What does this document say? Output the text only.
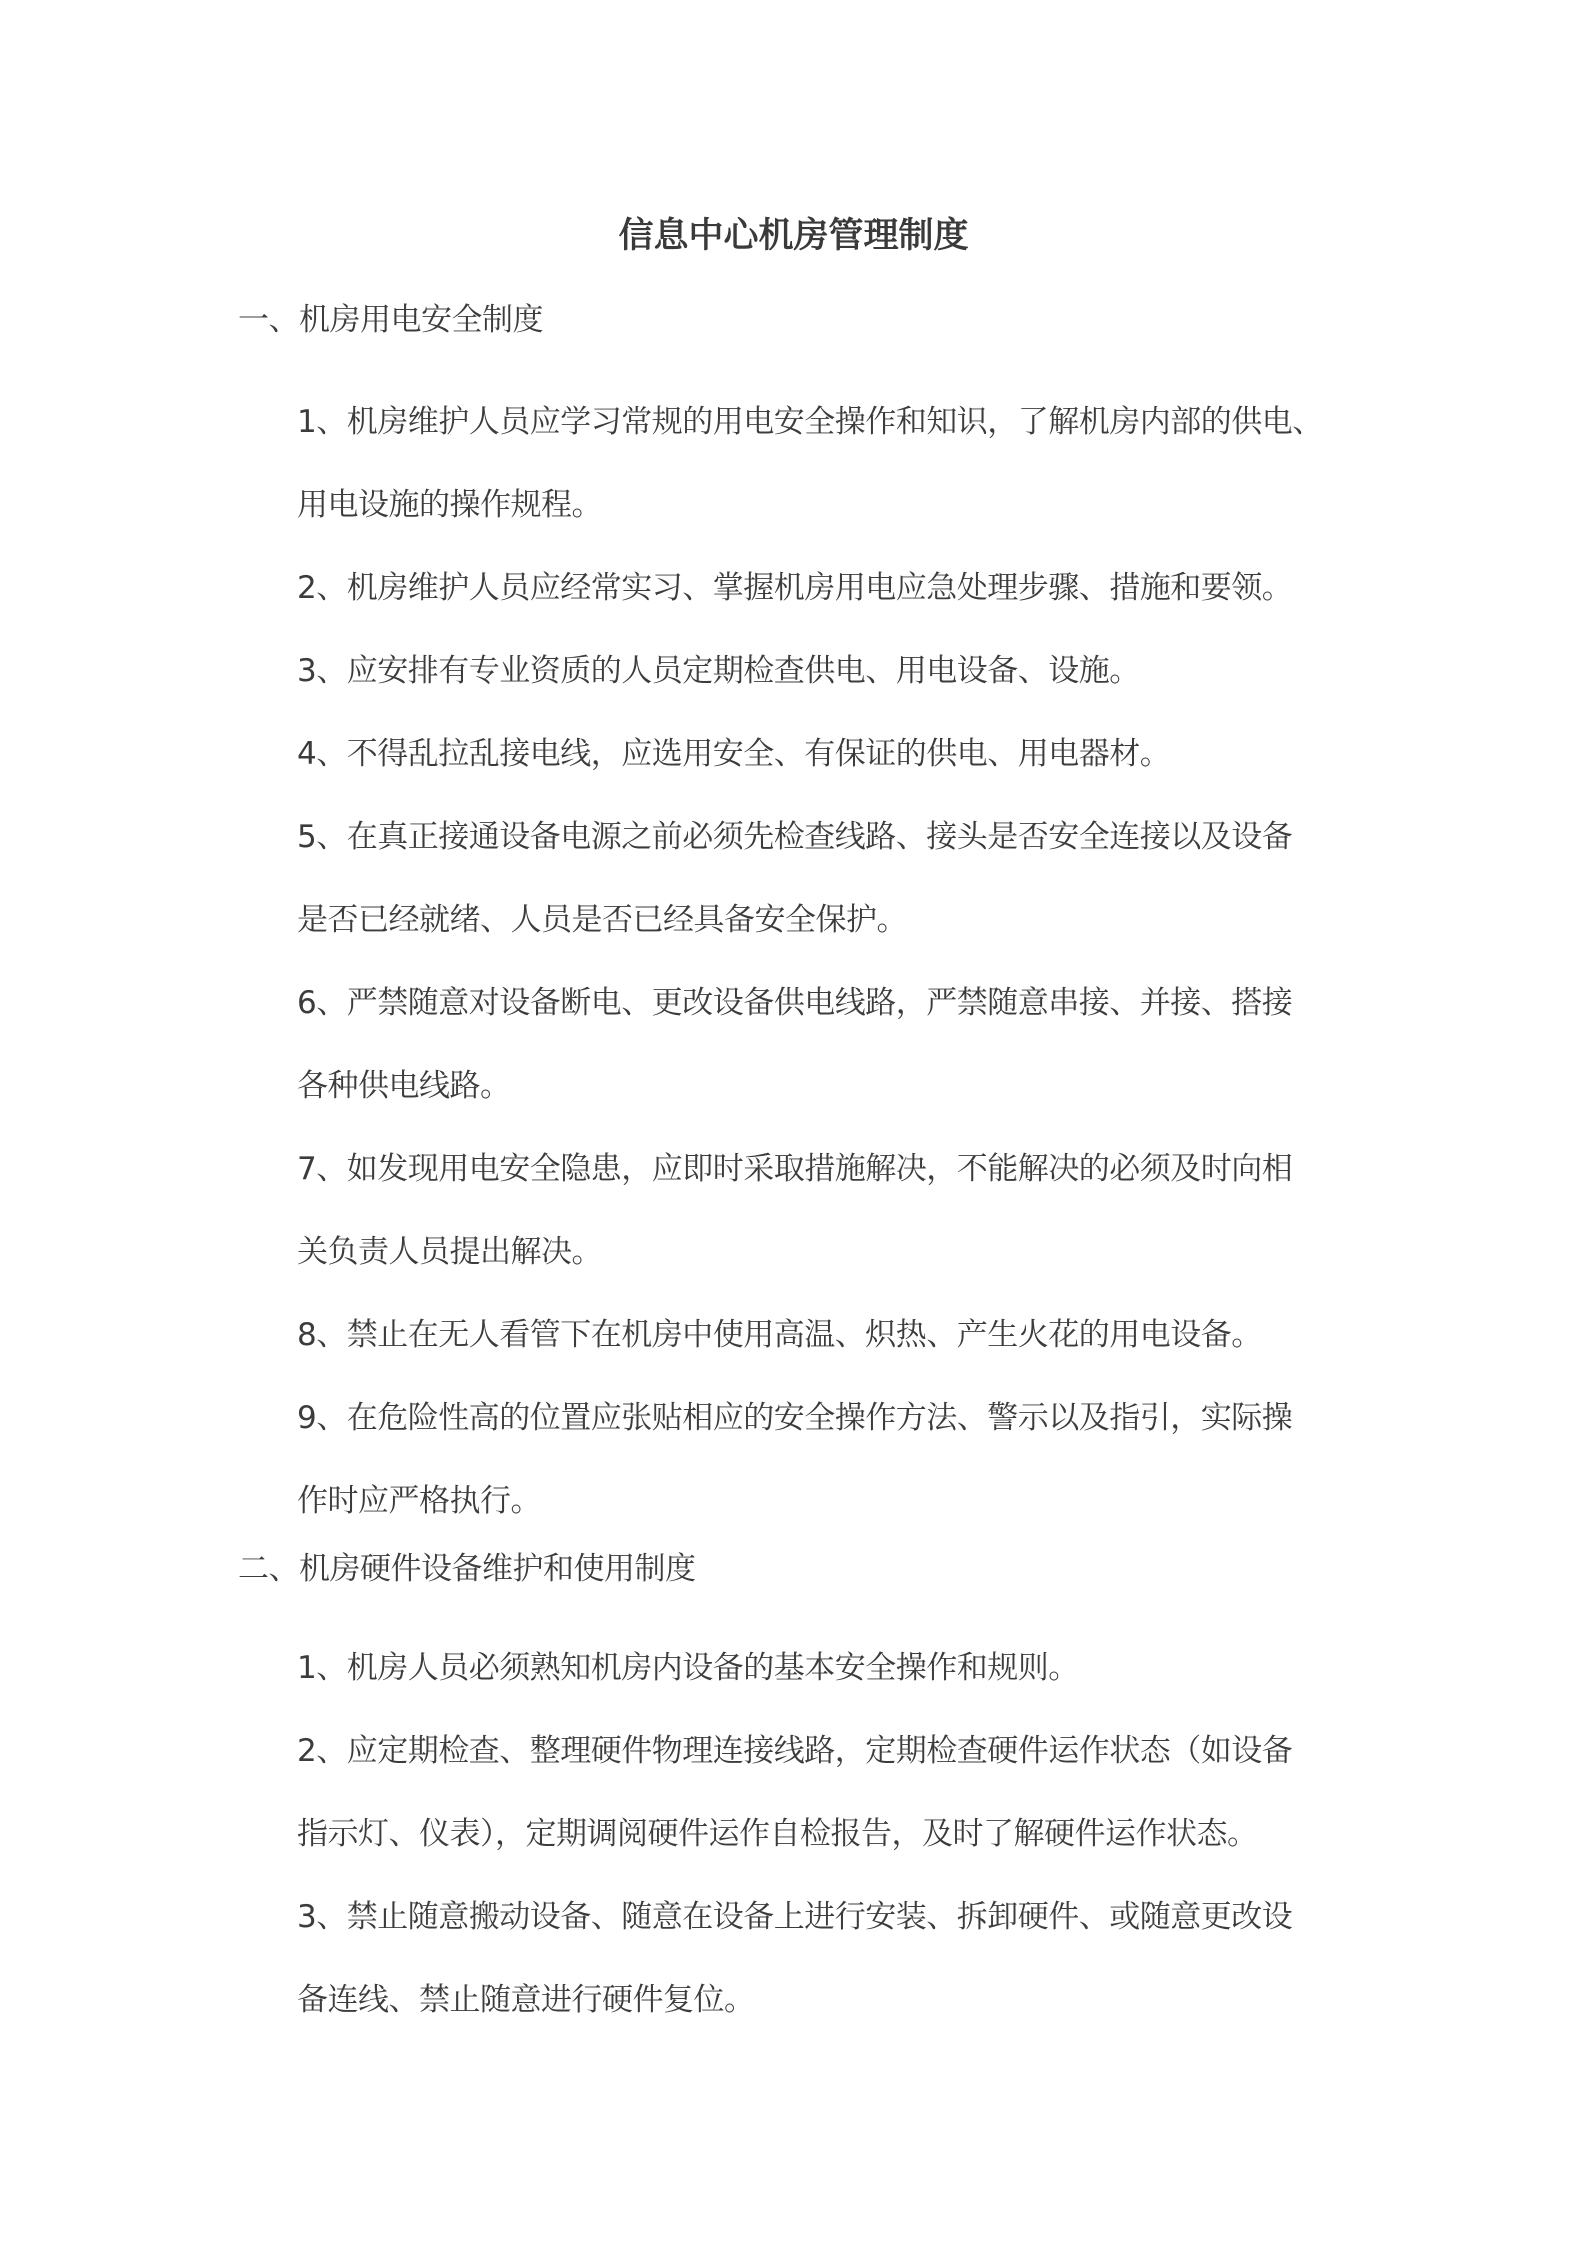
信息中心机房管理制度
一、机房用电安全制度
1、机房维护人员应学习常规的用电安全操作和知识，了解机房内部的供电、
用电设施的操作规程。
2、机房维护人员应经常实习、掌握机房用电应急处理步骤、措施和要领。
3、应安排有专业资质的人员定期检查供电、用电设备、设施。
4、不得乱拉乱接电线，应选用安全、有保证的供电、用电器材。
5、在真正接通设备电源之前必须先检查线路、接头是否安全连接以及设备
是否已经就绪、人员是否已经具备安全保护。
6、严禁随意对设备断电、更改设备供电线路，严禁随意串接、并接、搭接
各种供电线路。
7、如发现用电安全隐患，应即时采取措施解决，不能解决的必须及时向相
关负责人员提出解决。
8、禁止在无人看管下在机房中使用高温、炽热、产生火花的用电设备。
9、在危险性高的位置应张贴相应的安全操作方法、警示以及指引，实际操
作时应严格执行。
二、机房硬件设备维护和使用制度
1、机房人员必须熟知机房内设备的基本安全操作和规则。
2、应定期检查、整理硬件物理连接线路，定期检查硬件运作状态（如设备
指示灯、仪表），定期调阅硬件运作自检报告，及时了解硬件运作状态。
3、禁止随意搬动设备、随意在设备上进行安装、拆卸硬件、或随意更改设
备连线、禁止随意进行硬件复位。
